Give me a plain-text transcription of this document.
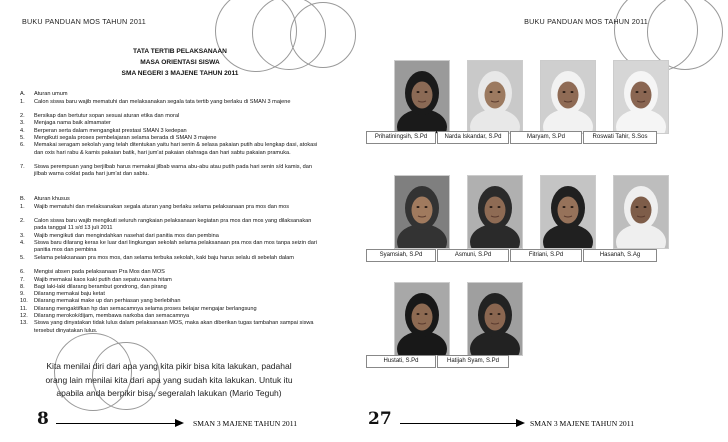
BUKU PANDUAN MOS TAHUN 2011
TATA TERTIB PELAKSANAAN
MASA ORIENTASI SISWA
SMA NEGERI 3 MAJENE TAHUN 2011
A.	Aturan umum
1.	Calon siswa baru wajib mematuhi dan melaksanakan segala tata tertib yang berlaku di SMAN 3 majene
2.	Bersikap dan bertutur sopan sesuai aturan etika dan moral
3.	Menjaga nama baik almamater
4.	Berperan serta dalam mengangkat prestasi SMAN 3 kedepan
5.	Mengikuti segala proses pembelajaran selama berada di SMAN 3 majene
6.	Memakai seragam sekolah yang telah ditentukan yaitu hari senin & selasa pakaian putih abu lengkap dasi, atokasi dan oxis hari rabu & kamis pakaian batik, hari jum'at pakaian olahraga dan hari sabtu pakaian pramuka.
7.	Siswa perempuan yang berjilbab harus memakai jilbab warna abu-abu atau putih pada hari senin s/d kamis, dan jilbab warna coklat pada hari jum'at dan sabtu.
B.	Aturan khusus
1.	Wajib mematuhi dan melaksanakan segala aturan yang berlaku selama pelaksanaan pra mos dan mos
2.	Calon siswa baru wajib mengikuti seluruh rangkaian pelaksanaan kegiatan pra mos dan mos yang dilaksanakan pada tanggal 11 s/d 13 juli 2011
3.	Wajib mengikuti dan mengindahkan nasehat dari panitia mos dan pembina
4.	Siswa baru dilarang keras ke luar dari lingkungan sekolah selama pelaksanaan pra mos dan mos tanpa seizin dari panitia mos dan pembina
5.	Selama pelaksanaan pra mos mos, dan selama terbuka sekolah, kaki baju harus selalu di sebelah dalam
6.	Mengisi absen pada pelaksanaan Pra Mos dan MOS
7.	Wajib memakai kaos kaki putih dan sepatu warna hitam
8.	Bagi laki-laki dilarang berambut gondrong, dan pirang
9.	Dilarang memakai baju ketat
10.	Dilarang memakai make up dan perhiasan yang berlebihan
11.	Dilarang mengaktifkan hp dan semacamnya selama proses belajar mengajar berlangsung
12.	Dilarang merokok/dijam, membawa narkoba dan semacamnya
13.	Siswa yang dinyatakan tidak lulus dalam pelaksanaan MOS, maka akan diberikan tugas tambahan sampai siswa tersebut dinyatakan lulus.
Kita menilai diri dari apa yang kita pikir bisa kita lakukan, padahal
orang lain menilai kita dari apa yang sudah kita lakukan. Untuk itu
apabila anda berpikir bisa, segeralah lakukan (Mario Teguh)
8	SMAN 3 MAJENE TAHUN 2011
BUKU PANDUAN MOS TAHUN 2011
Prihatiningsih, S.Pd	Narda Iskandar, S.Pd	Maryam, S.Pd	Roswati Tahir, S.Sos
Syamsiah, S.Pd	Asmuni, S.Pd	Fitriani, S.Pd	Hasanah, S.Ag
Hustati, S.Pd	Hatijah Syam, S.Pd
27	SMAN 3 MAJENE TAHUN 2011
